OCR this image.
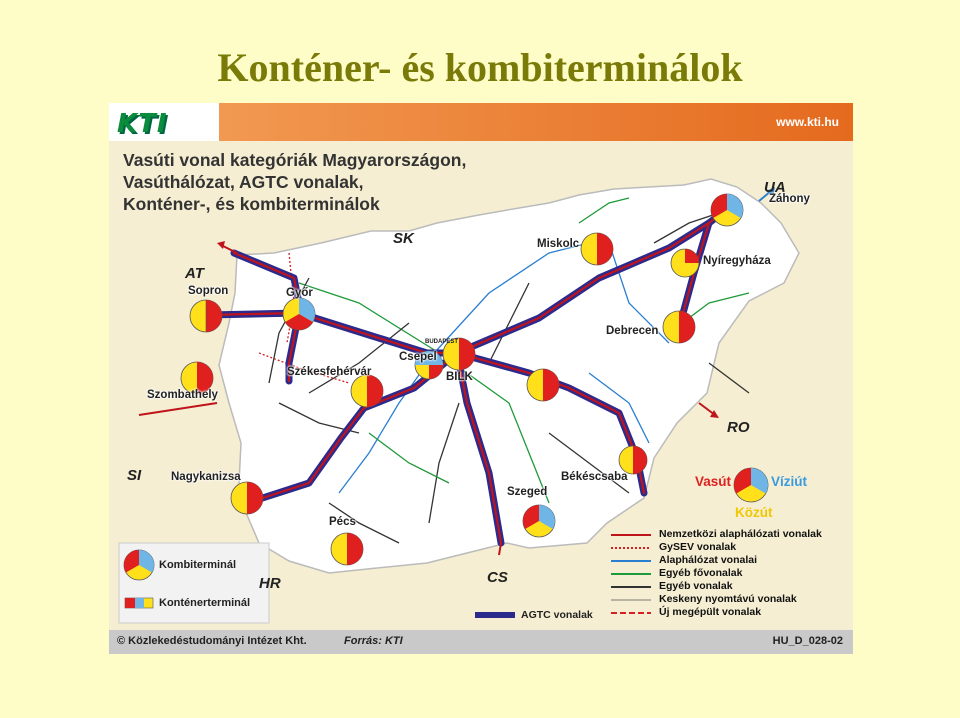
Konténer- és kombiterminálok
KTI	www.kti.hu
Vasúti vonal kategóriák Magyarországon,
Vasúthálózat, AGTC vonalak,
Konténer-, és kombiterminálok
SK
UA
AT
RO
SI
HR	CS
Sopron	Győr
Miskolc
Záhony
Nyíregyháza
Debrecen
Csepel
BUDAPEST
BILK
Székesfehérvár
Szombathely
Nagykanizsa
Pécs
Szeged
Békéscsaba	Vasút	Víziút
Közút
Nemzetközi alaphálózati vonalak
GySEV vonalak
Alaphálózat vonalai
Egyéb fővonalak
Egyéb vonalak
Keskeny nyomtávú vonalak
Új megépült vonalak
AGTC vonalak
Kombiterminál
Konténerterminál
© Közlekedéstudományi Intézet Kht.	Forrás: KTI	HU_D_028-02
